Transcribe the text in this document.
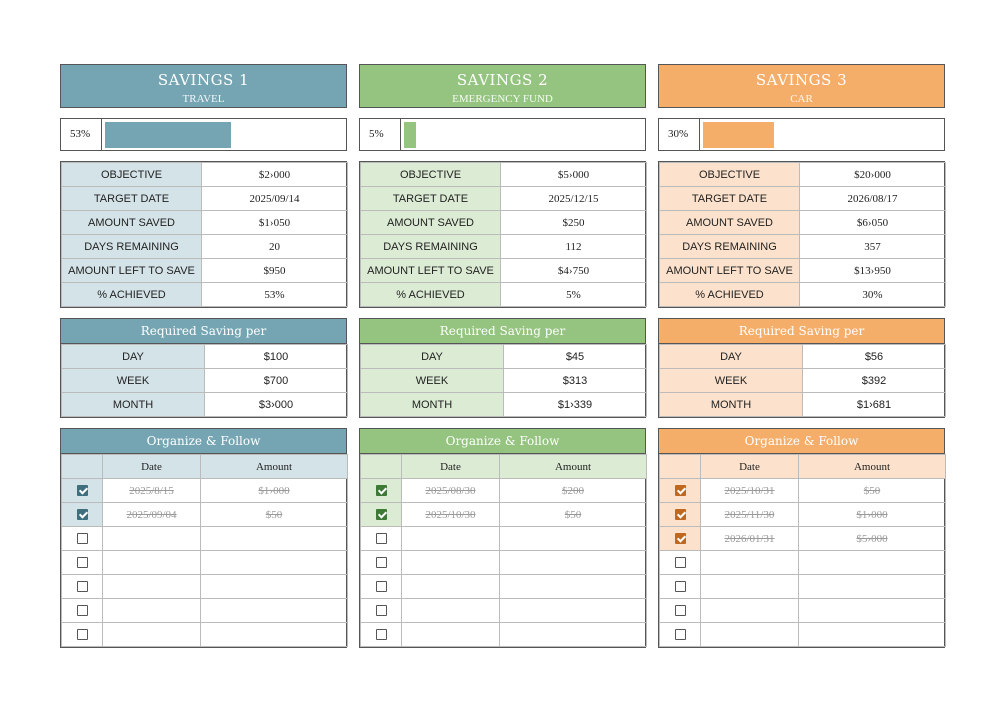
SAVINGS 1
TRAVEL
53%
OBJECTIVE	$2›000
TARGET DATE	2025/09/14
AMOUNT SAVED	$1›050
DAYS REMAINING	20
AMOUNT LEFT TO SAVE	$950
% ACHIEVED	53%
Required Saving per
DAY	$100
WEEK	$700
MONTH	$3›000
Organize & Follow
	Date	Amount
	2025/8/15	$1›000
	2025/09/04	$50

SAVINGS 2
EMERGENCY FUND
5%
OBJECTIVE	$5›000
TARGET DATE	2025/12/15
AMOUNT SAVED	$250
DAYS REMAINING	112
AMOUNT LEFT TO SAVE	$4›750
% ACHIEVED	5%
Required Saving per
DAY	$45
WEEK	$313
MONTH	$1›339
Organize & Follow
	Date	Amount
	2025/08/30	$200
	2025/10/30	$50

SAVINGS 3
CAR
30%
OBJECTIVE	$20›000
TARGET DATE	2026/08/17
AMOUNT SAVED	$6›050
DAYS REMAINING	357
AMOUNT LEFT TO SAVE	$13›950
% ACHIEVED	30%
Required Saving per
DAY	$56
WEEK	$392
MONTH	$1›681
Organize & Follow
	Date	Amount
	2025/10/31	$50
	2025/11/30	$1›000
	2026/01/31	$5›000
